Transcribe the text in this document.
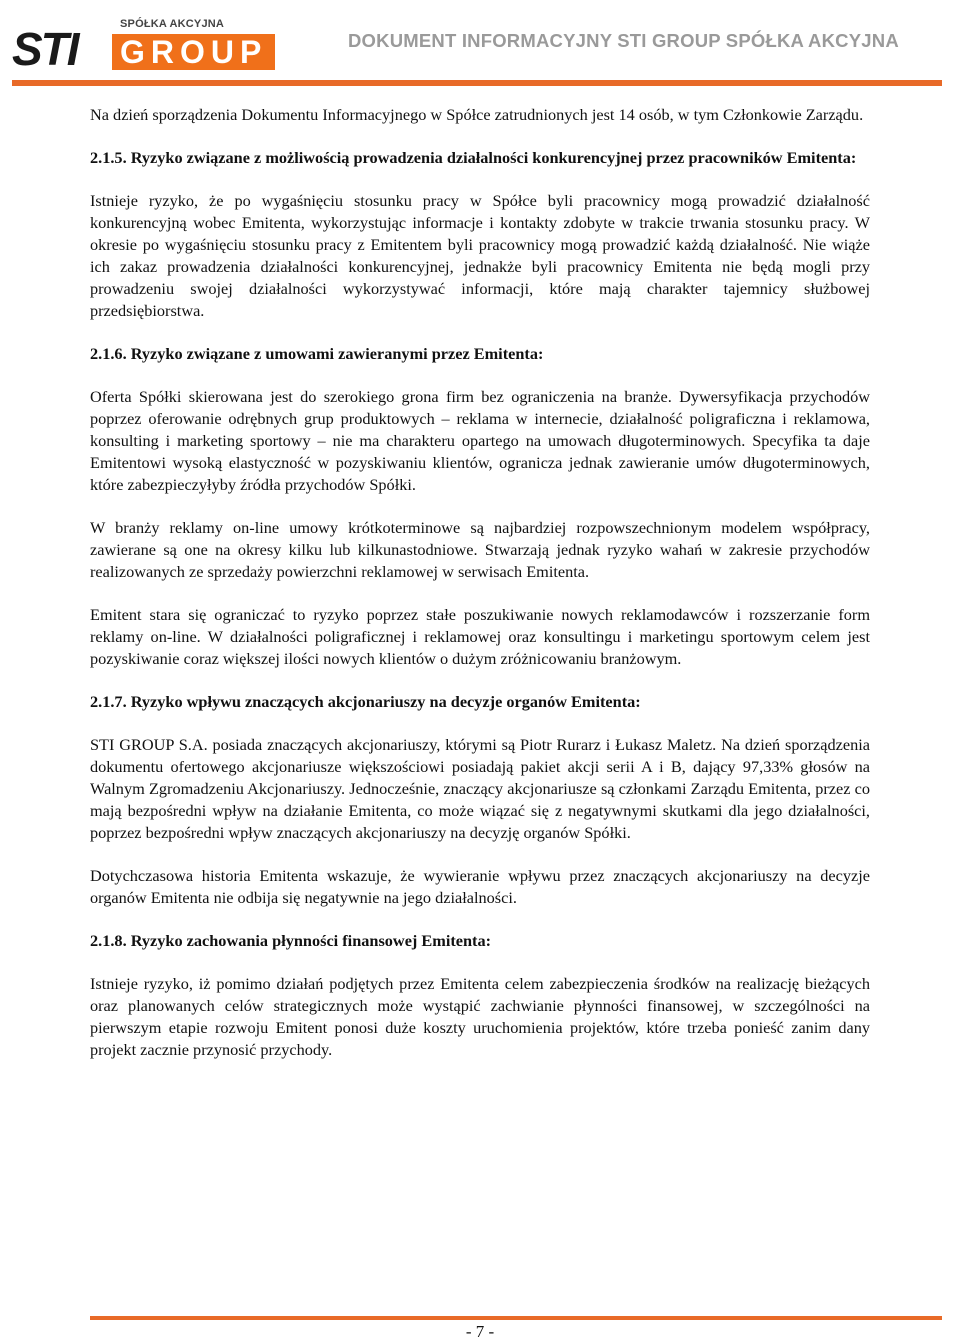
SPÓŁKA AKCYJNA
STI GROUP	DOKUMENT INFORMACYJNY STI GROUP SPÓŁKA AKCYJNA

Na dzień sporządzenia Dokumentu Informacyjnego w Spółce zatrudnionych jest 14 osób, w tym Członkowie Zarządu.

2.1.5. Ryzyko związane z możliwością prowadzenia działalności konkurencyjnej przez pracowników Emitenta:

Istnieje ryzyko, że po wygaśnięciu stosunku pracy w Spółce byli pracownicy mogą prowadzić działalność konkurencyjną wobec Emitenta, wykorzystując informacje i kontakty zdobyte w trakcie trwania stosunku pracy. W okresie po wygaśnięciu stosunku pracy z Emitentem byli pracownicy mogą prowadzić każdą działalność. Nie wiąże ich zakaz prowadzenia działalności konkurencyjnej, jednakże byli pracownicy Emitenta nie będą mogli przy prowadzeniu swojej działalności wykorzystywać informacji, które mają charakter tajemnicy służbowej przedsiębiorstwa.

2.1.6. Ryzyko związane z umowami zawieranymi przez Emitenta:

Oferta Spółki skierowana jest do szerokiego grona firm bez ograniczenia na branże. Dywersyfikacja przychodów poprzez oferowanie odrębnych grup produktowych – reklama w internecie, działalność poligraficzna i reklamowa, konsulting i marketing sportowy – nie ma charakteru opartego na umowach długoterminowych. Specyfika ta daje Emitentowi wysoką elastyczność w pozyskiwaniu klientów, ogranicza jednak zawieranie umów długoterminowych, które zabezpieczyłyby źródła przychodów Spółki.

W branży reklamy on-line umowy krótkoterminowe są najbardziej rozpowszechnionym modelem współpracy, zawierane są one na okresy kilku lub kilkunastodniowe. Stwarzają jednak ryzyko wahań w zakresie przychodów realizowanych ze sprzedaży powierzchni reklamowej w serwisach Emitenta.

Emitent stara się ograniczać to ryzyko poprzez stałe poszukiwanie nowych reklamodawców i rozszerzanie form reklamy on-line. W działalności poligraficznej i reklamowej oraz konsultingu i marketingu sportowym celem jest pozyskiwanie coraz większej ilości nowych klientów o dużym zróżnicowaniu branżowym.

2.1.7. Ryzyko wpływu znaczących akcjonariuszy na decyzje organów Emitenta:

STI GROUP S.A. posiada znaczących akcjonariuszy, którymi są Piotr Rurarz i Łukasz Maletz. Na dzień sporządzenia dokumentu ofertowego akcjonariusze większościowi posiadają pakiet akcji serii A i B, dający 97,33% głosów na Walnym Zgromadzeniu Akcjonariuszy. Jednocześnie, znaczący akcjonariusze są członkami Zarządu Emitenta, przez co mają bezpośredni wpływ na działanie Emitenta, co może wiązać się z negatywnymi skutkami dla jego działalności, poprzez bezpośredni wpływ znaczących akcjonariuszy na decyzję organów Spółki.

Dotychczasowa historia Emitenta wskazuje, że wywieranie wpływu przez znaczących akcjonariuszy na decyzje organów Emitenta nie odbija się negatywnie na jego działalności.

2.1.8. Ryzyko zachowania płynności finansowej Emitenta:

Istnieje ryzyko, iż pomimo działań podjętych przez Emitenta celem zabezpieczenia środków na realizację bieżących oraz planowanych celów strategicznych może wystąpić zachwianie płynności finansowej, w szczególności na pierwszym etapie rozwoju Emitent ponosi duże koszty uruchomienia projektów, które trzeba ponieść zanim dany projekt zacznie przynosić przychody.

- 7 -
